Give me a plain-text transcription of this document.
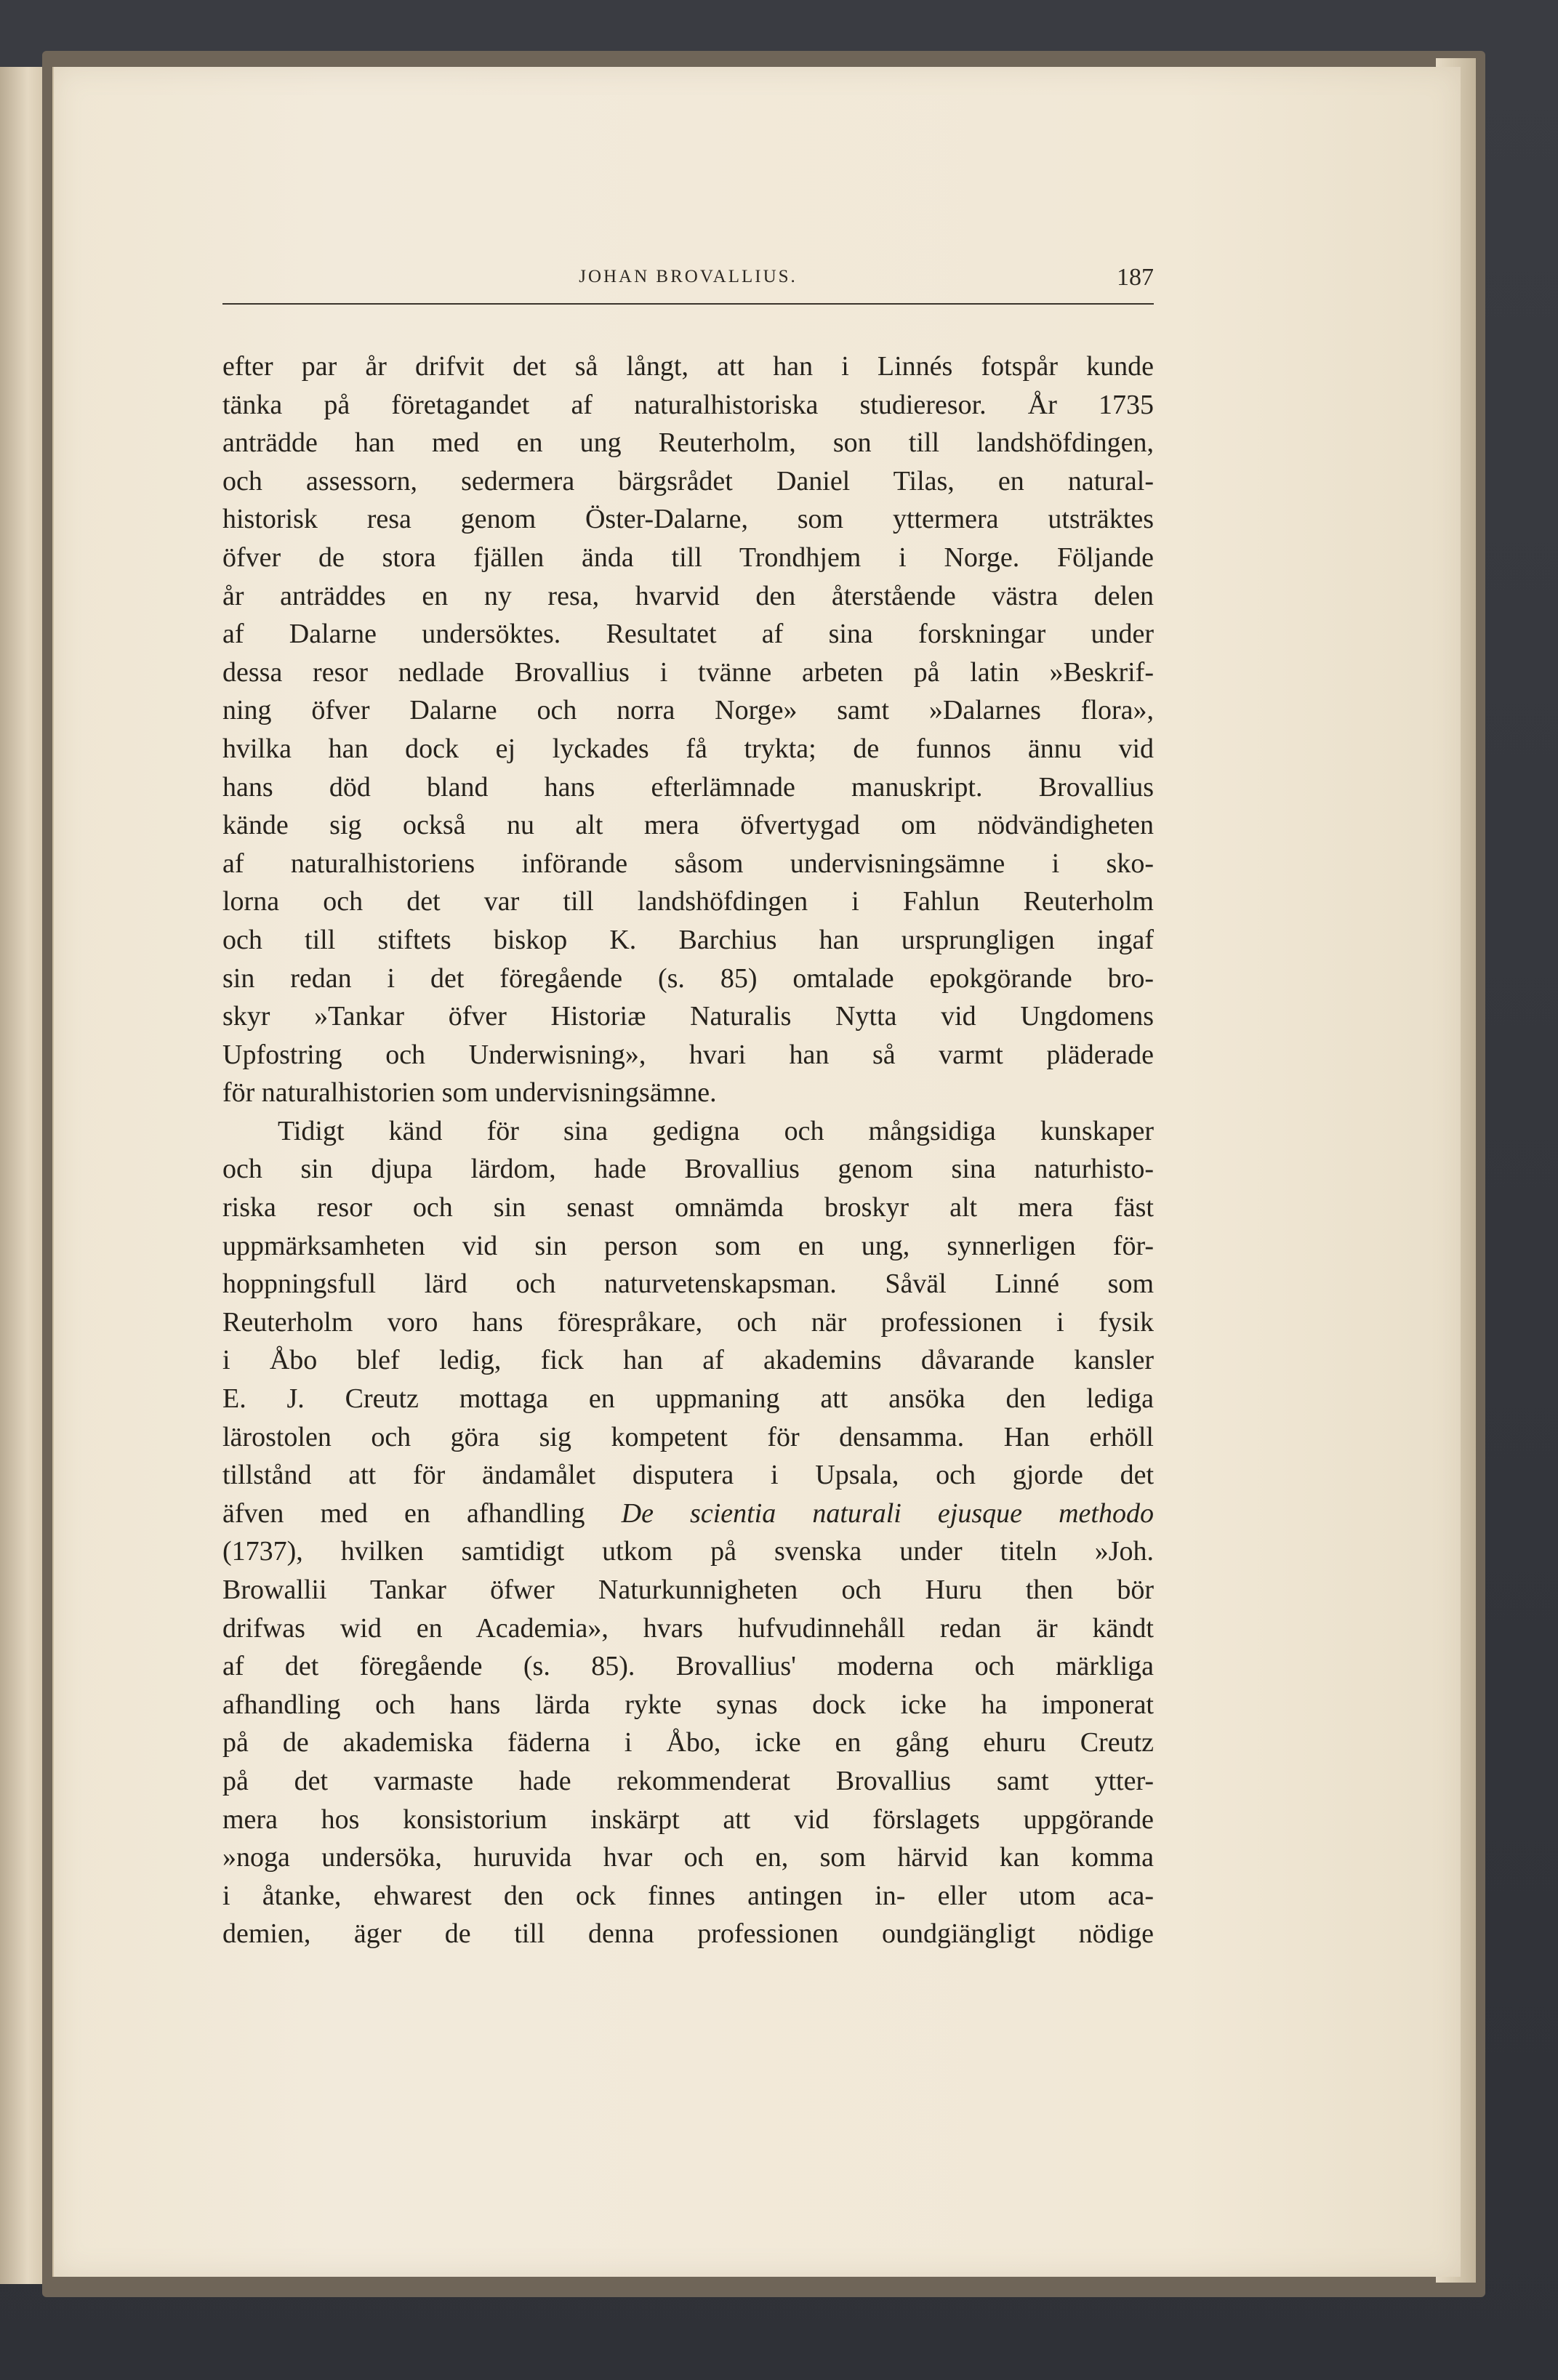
JOHAN BROVALLIUS.	187
efter par år drifvit det så långt, att han i Linnés fotspår kunde
tänka på företagandet af naturalhistoriska studieresor. År 1735
anträdde han med en ung Reuterholm, son till landshöfdingen,
och assessorn, sedermera bärgsrådet Daniel Tilas, en natural-
historisk resa genom Öster-Dalarne, som yttermera utsträktes
öfver de stora fjällen ända till Trondhjem i Norge. Följande
år anträddes en ny resa, hvarvid den återstående västra delen
af Dalarne undersöktes. Resultatet af sina forskningar under
dessa resor nedlade Brovallius i tvänne arbeten på latin »Beskrif-
ning öfver Dalarne och norra Norge» samt »Dalarnes flora»,
hvilka han dock ej lyckades få trykta; de funnos ännu vid
hans död bland hans efterlämnade manuskript. Brovallius
kände sig också nu alt mera öfvertygad om nödvändigheten
af naturalhistoriens införande såsom undervisningsämne i sko-
lorna och det var till landshöfdingen i Fahlun Reuterholm
och till stiftets biskop K. Barchius han ursprungligen ingaf
sin redan i det föregående (s. 85) omtalade epokgörande bro-
skyr »Tankar öfver Historiæ Naturalis Nytta vid Ungdomens
Upfostring och Underwisning», hvari han så varmt pläderade
för naturalhistorien som undervisningsämne.
Tidigt känd för sina gedigna och mångsidiga kunskaper
och sin djupa lärdom, hade Brovallius genom sina naturhisto-
riska resor och sin senast omnämda broskyr alt mera fäst
uppmärksamheten vid sin person som en ung, synnerligen för-
hoppningsfull lärd och naturvetenskapsman. Såväl Linné som
Reuterholm voro hans förespråkare, och när professionen i fysik
i Åbo blef ledig, fick han af akademins dåvarande kansler
E. J. Creutz mottaga en uppmaning att ansöka den lediga
lärostolen och göra sig kompetent för densamma. Han erhöll
tillstånd att för ändamålet disputera i Upsala, och gjorde det
äfven med en afhandling De scientia naturali ejusque methodo
(1737), hvilken samtidigt utkom på svenska under titeln »Joh.
Browallii Tankar öfwer Naturkunnigheten och Huru then bör
drifwas wid en Academia», hvars hufvudinnehåll redan är kändt
af det föregående (s. 85). Brovallius' moderna och märkliga
afhandling och hans lärda rykte synas dock icke ha imponerat
på de akademiska fäderna i Åbo, icke en gång ehuru Creutz
på det varmaste hade rekommenderat Brovallius samt ytter-
mera hos konsistorium inskärpt att vid förslagets uppgörande
»noga undersöka, huruvida hvar och en, som härvid kan komma
i åtanke, ehwarest den ock finnes antingen in- eller utom aca-
demien, äger de till denna professionen oundgiängligt nödige
